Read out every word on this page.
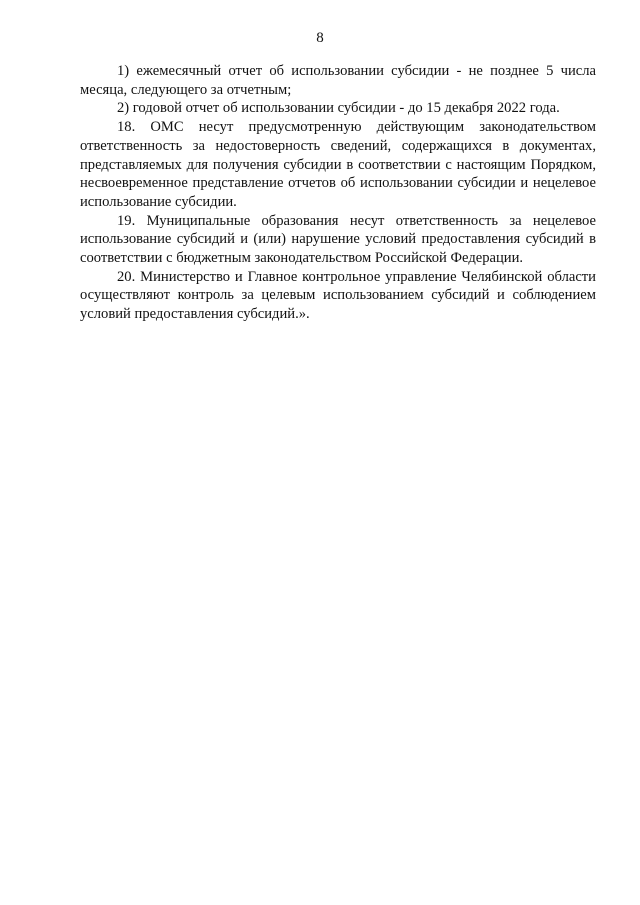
8

1) ежемесячный отчет об использовании субсидии - не позднее 5 числа месяца, следующего за отчетным;

2) годовой отчет об использовании субсидии - до 15 декабря 2022 года.

18. ОМС несут предусмотренную действующим законодательством ответственность за недостоверность сведений, содержащихся в документах, представляемых для получения субсидии в соответствии с настоящим Порядком, несвоевременное представление отчетов об использовании субсидии и нецелевое использование субсидии.

19. Муниципальные образования несут ответственность за нецелевое использование субсидий и (или) нарушение условий предоставления субсидий в соответствии с бюджетным законодательством Российской Федерации.

20. Министерство и Главное контрольное управление Челябинской области осуществляют контроль за целевым использованием субсидий и соблюдением условий предоставления субсидий.».
